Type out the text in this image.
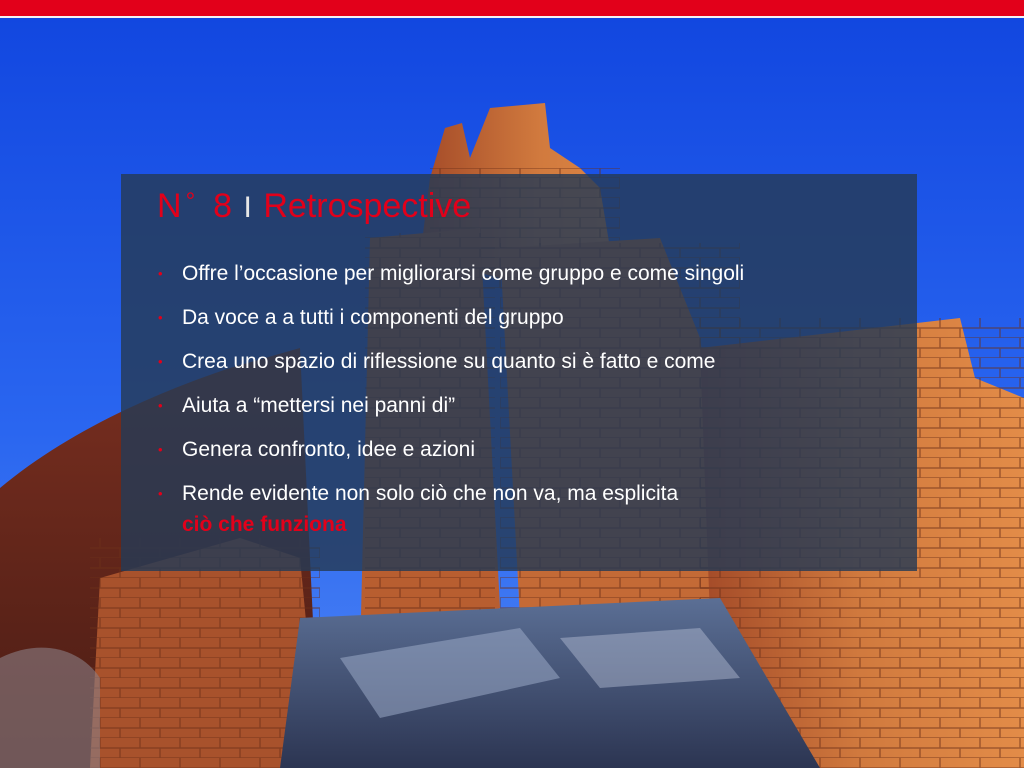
N ° 8 I Retrospective
• Offre l’occasione per migliorarsi come gruppo e come singoli
• Da voce a a tutti i componenti del gruppo
• Crea uno spazio di riflessione su quanto si è fatto e come
• Aiuta a “mettersi nei panni di”
• Genera confronto, idee e azioni
• Rende evidente non solo ciò che non va, ma esplicita
ciò che funziona
